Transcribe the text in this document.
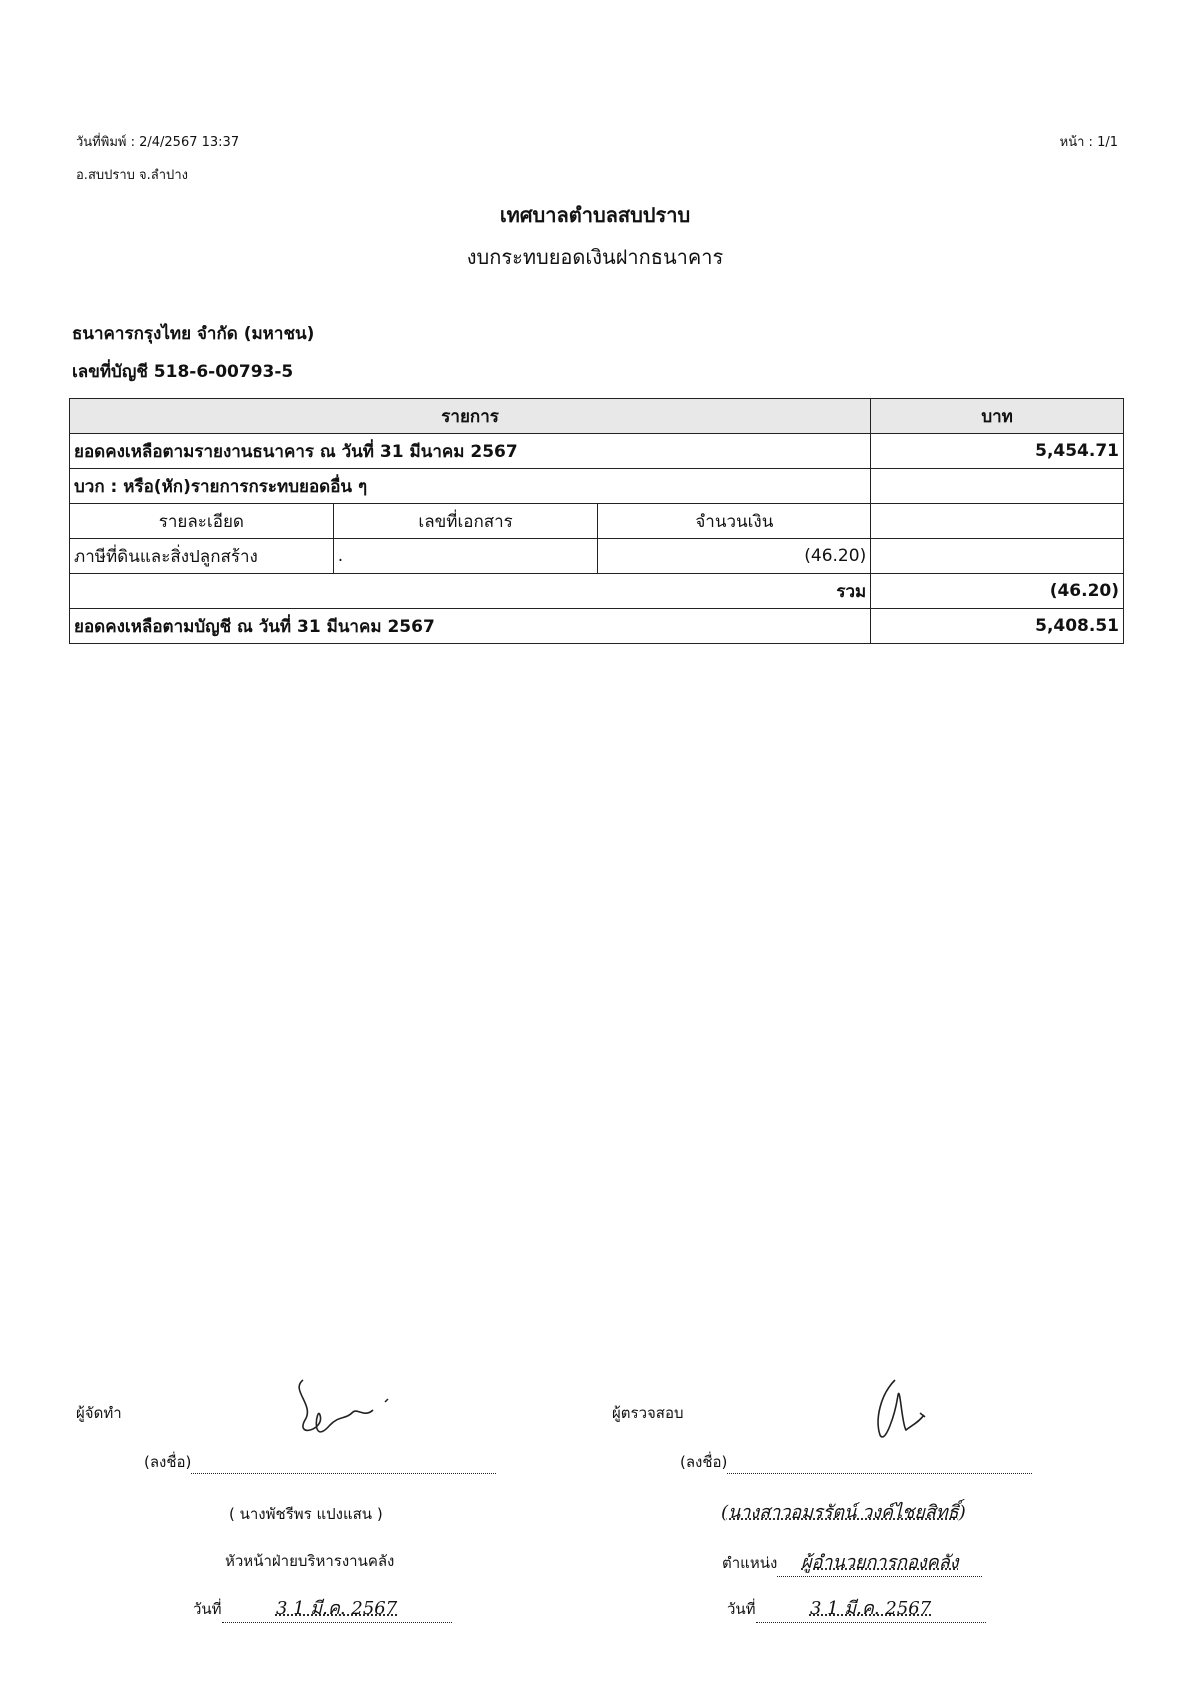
วันที่พิมพ์ : 2/4/2567 13:37	หน้า : 1/1
อ.สบปราบ จ.ลำปาง
เทศบาลตำบลสบปราบ
งบกระทบยอดเงินฝากธนาคาร
ธนาคารกรุงไทย จำกัด (มหาชน)
เลขที่บัญชี 518-6-00793-5
รายการ			บาท
ยอดคงเหลือตามรายงานธนาคาร ณ วันที่ 31 มีนาคม 2567			5,454.71
บวก : หรือ(หัก)รายการกระทบยอดอื่น ๆ			
รายละเอียด	เลขที่เอกสาร	จำนวนเงิน	
ภาษีที่ดินและสิ่งปลูกสร้าง	.	(46.20)	
รวม			(46.20)
ยอดคงเหลือตามบัญชี ณ วันที่ 31 มีนาคม 2567			5,408.51
ผู้จัดทำ
(ลงชื่อ)
( นางพัชรีพร แปงแสน )
หัวหน้าฝ่ายบริหารงานคลัง
วันที่	3 1 มี.ค. 2567
ผู้ตรวจสอบ
(ลงชื่อ)
(นางสาวอมรรัตน์ วงค์ไชยสิทธิ์)
ตำแหน่ง ผู้อำนวยการกองคลัง
วันที่	3 1 มี.ค. 2567
